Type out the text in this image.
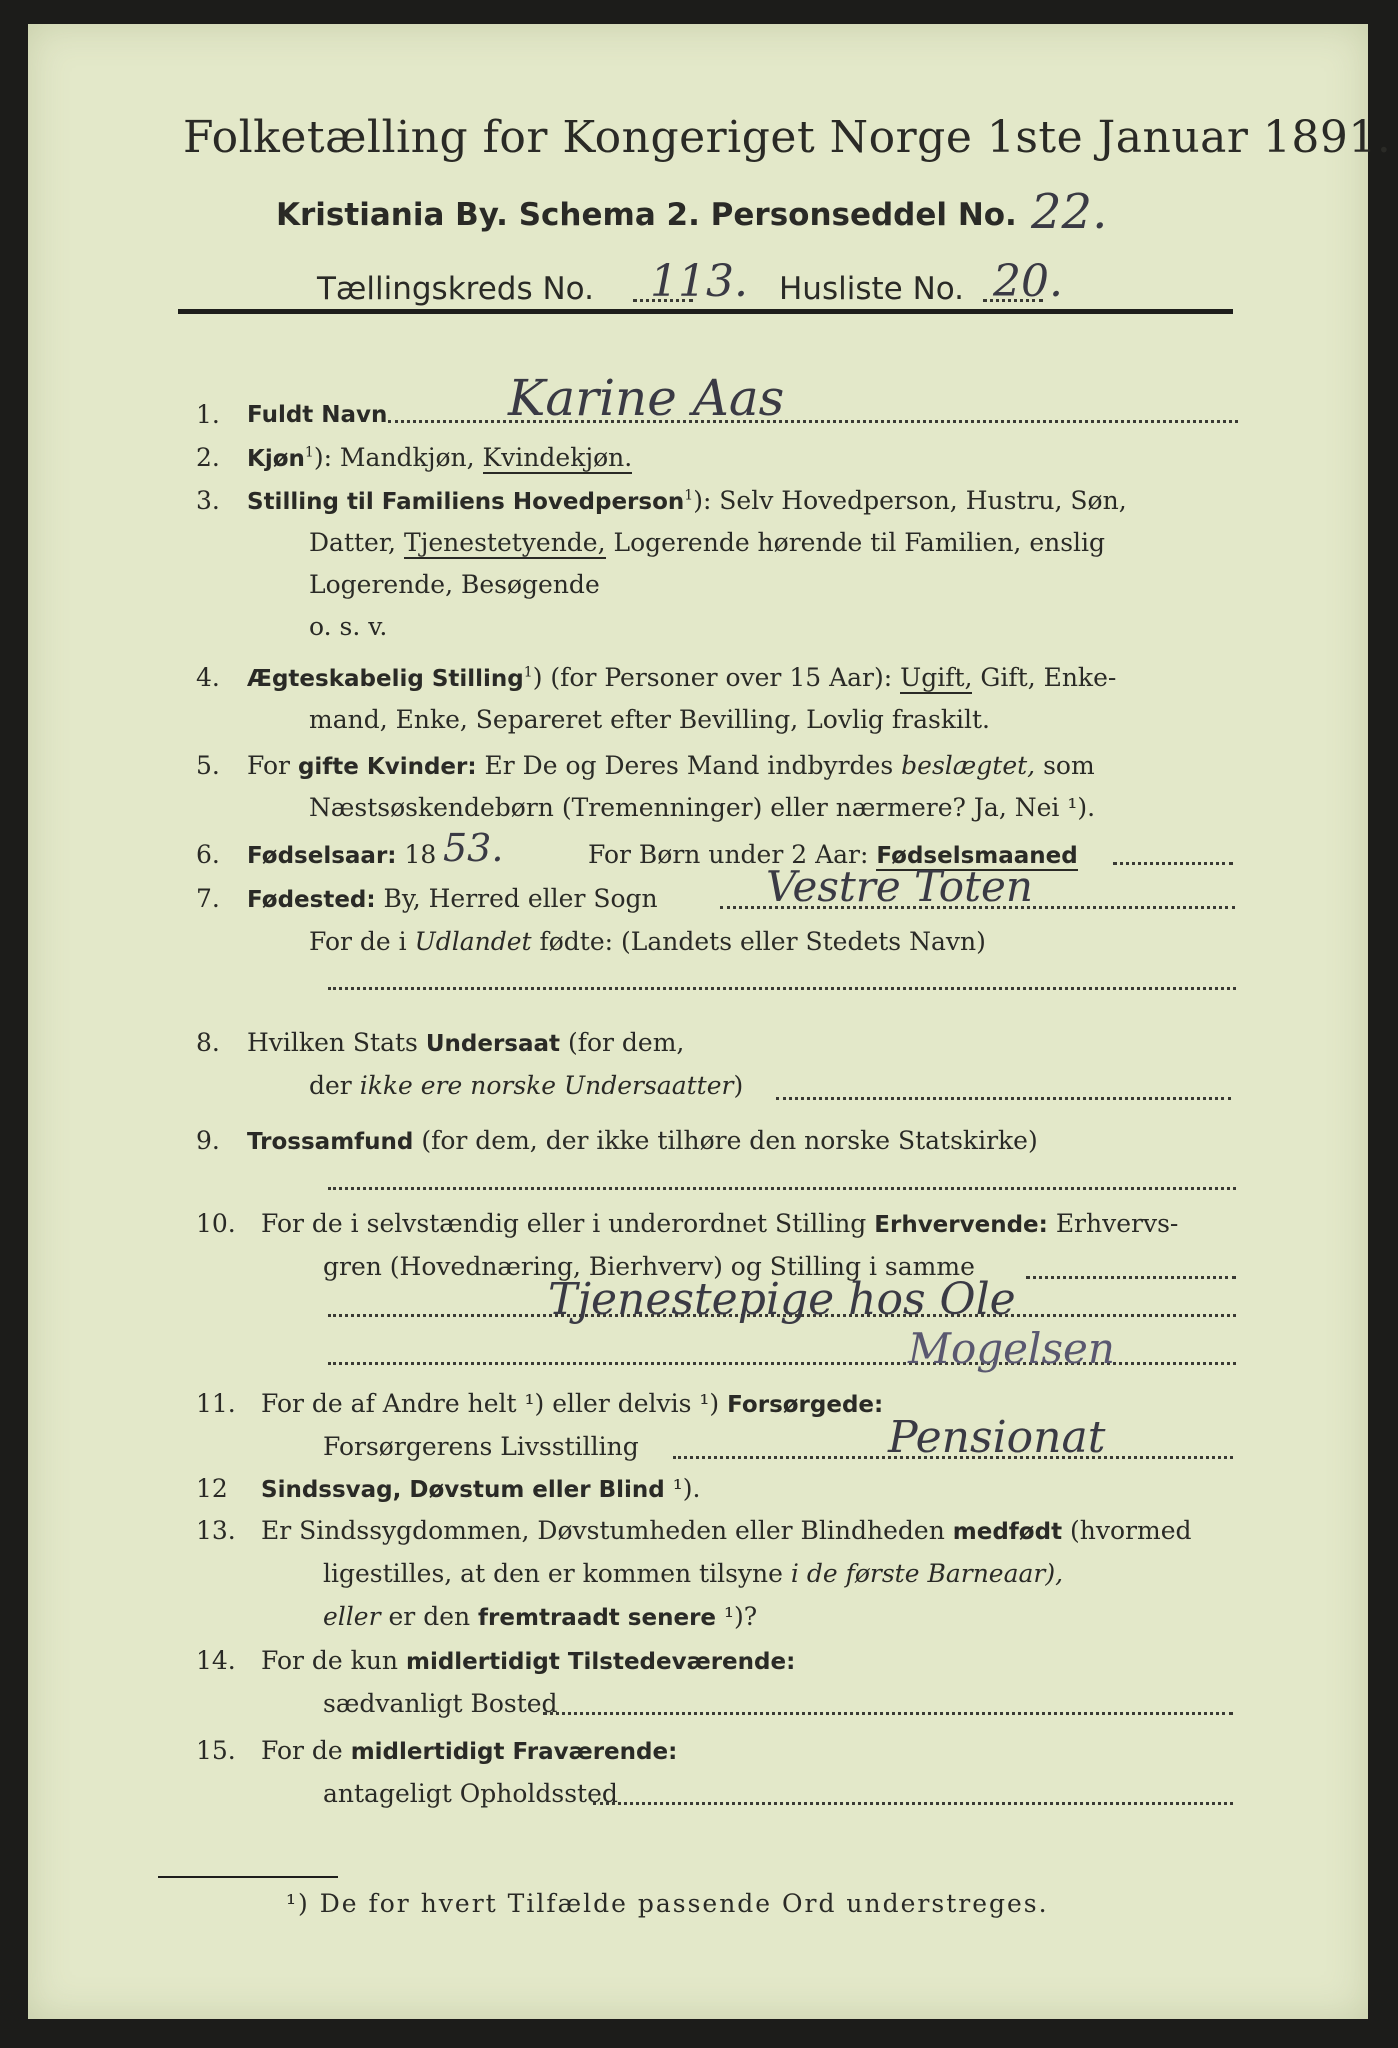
Folketælling for Kongeriget Norge 1ste Januar 1891.
Kristiania By. Schema 2. Personseddel No. 22.
Tællingskreds No. 113. Husliste No. 20.
1. Fuldt Navn Karine Aas
2. Kjøn$^1$): Mandkjøn, Kvindekjøn.
3. Stilling til Familiens Hovedperson$^1$): Selv Hovedperson, Hustru, Søn,
Datter, Tjenestetyende, Logerende hørende til Familien, enslig
Logerende, Besøgende
o. s. v.
4. Ægteskabelig Stilling$^1$) (for Personer over 15 Aar): Ugift, Gift, Enke-
mand, Enke, Separeret efter Bevilling, Lovlig fraskilt.
5. For gifte Kvinder: Er De og Deres Mand indbyrdes beslægtet, som
Næstsøskendebørn (Tremenninger) eller nærmere? Ja, Nei ¹).
6. Fødselsaar: 18 53.	For Børn under 2 Aar: Fødselsmaaned
7. Fødested: By, Herred eller Sogn	Vestre Toten
For de i Udlandet fødte: (Landets eller Stedets Navn)
8. Hvilken Stats Undersaat (for dem,
der ikke ere norske Undersaatter)
9. Trossamfund (for dem, der ikke tilhøre den norske Statskirke)
10. For de i selvstændig eller i underordnet Stilling Erhvervende: Erhvervs-
gren (Hovednæring, Bierhverv) og Stilling i samme
Tjenestepige hos Ole
Mogelsen
11. For de af Andre helt ¹) eller delvis ¹) Forsørgede:
Forsørgerens Livsstilling	Pensionat
12 Sindssvag, Døvstum eller Blind ¹).
13. Er Sindssygdommen, Døvstumheden eller Blindheden medfødt (hvormed
ligestilles, at den er kommen tilsyne i de første Barneaar),
eller er den fremtraadt senere ¹)?
14. For de kun midlertidigt Tilstedeværende:
sædvanligt Bosted
15. For de midlertidigt Fraværende:
antageligt Opholdssted
¹) De for hvert Tilfælde passende Ord understreges.
